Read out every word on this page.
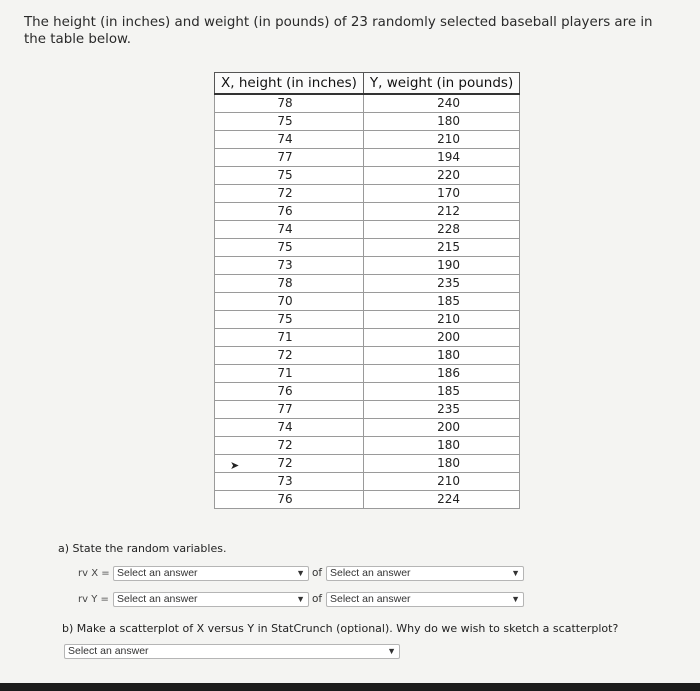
The height (in inches) and weight (in pounds) of 23 randomly selected baseball players are in the table below.
X, height (in inches)	Y, weight (in pounds)
78	240
75	180
74	210
77	194
75	220
72	170
76	212
74	228
75	215
73	190
78	235
70	185
75	210
71	200
72	180
71	186
76	185
77	235
74	200
72	180
72	180
73	210
76	224
➤
a) State the random variables.
rv X = Select an answer	▼ of Select an answer	▼
rv Y = Select an answer	▼ of Select an answer	▼
b) Make a scatterplot of X versus Y in StatCrunch (optional). Why do we wish to sketch a scatterplot?
Select an answer	▼
